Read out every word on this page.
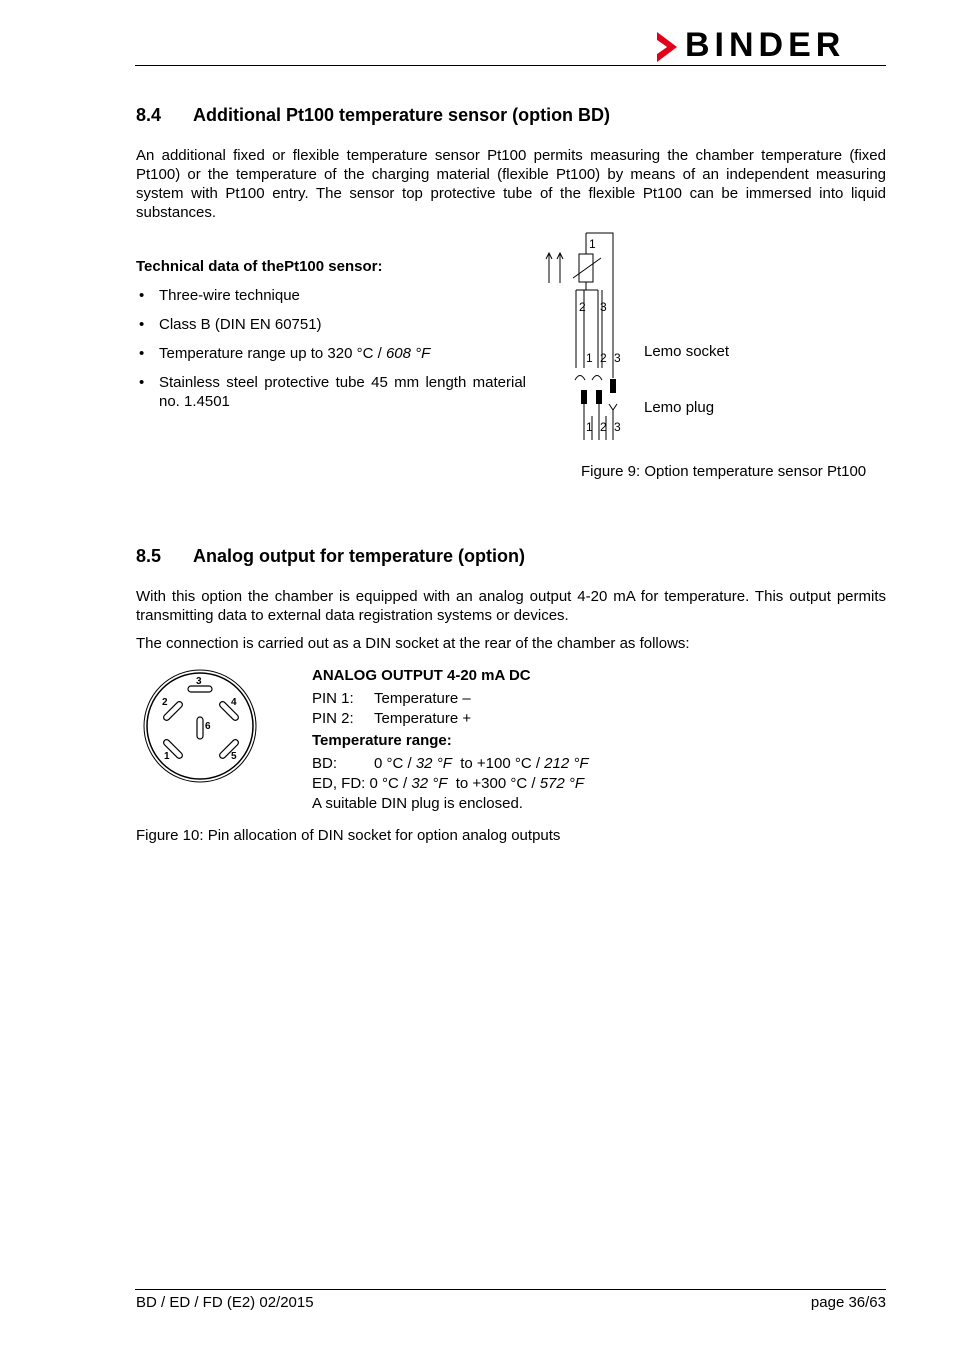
BINDER
8.4 Additional Pt100 temperature sensor (option BD)

An additional fixed or flexible temperature sensor Pt100 permits measuring the chamber temperature (fixed Pt100) or the temperature of the charging material (flexible Pt100) by means of an independent measuring system with Pt100 entry. The sensor top protective tube of the flexible Pt100 can be immersed into liquid substances.

Technical data of thePt100 sensor:
• Three-wire technique
• Class B (DIN EN 60751)
• Temperature range up to 320 °C / 608 °F
• Stainless steel protective tube 45 mm length material no. 1.4501
1
2 3
1 2 3
1 2 3
Lemo socket
Lemo plug
Figure 9: Option temperature sensor Pt100
8.5 Analog output for temperature (option)

With this option the chamber is equipped with an analog output 4-20 mA for temperature. This output permits transmitting data to external data registration systems or devices.

The connection is carried out as a DIN socket at the rear of the chamber as follows:

3
2	4
6
1	5
ANALOG OUTPUT 4-20 mA DC
PIN 1: Temperature –
PIN 2: Temperature +
Temperature range:
BD: 0 °C / 32 °F  to +100 °C / 212 °F
ED, FD: 0 °C / 32 °F  to +300 °C / 572 °F
A suitable DIN plug is enclosed.
Figure 10: Pin allocation of DIN socket for option analog outputs
BD / ED / FD (E2) 02/2015	page 36/63
